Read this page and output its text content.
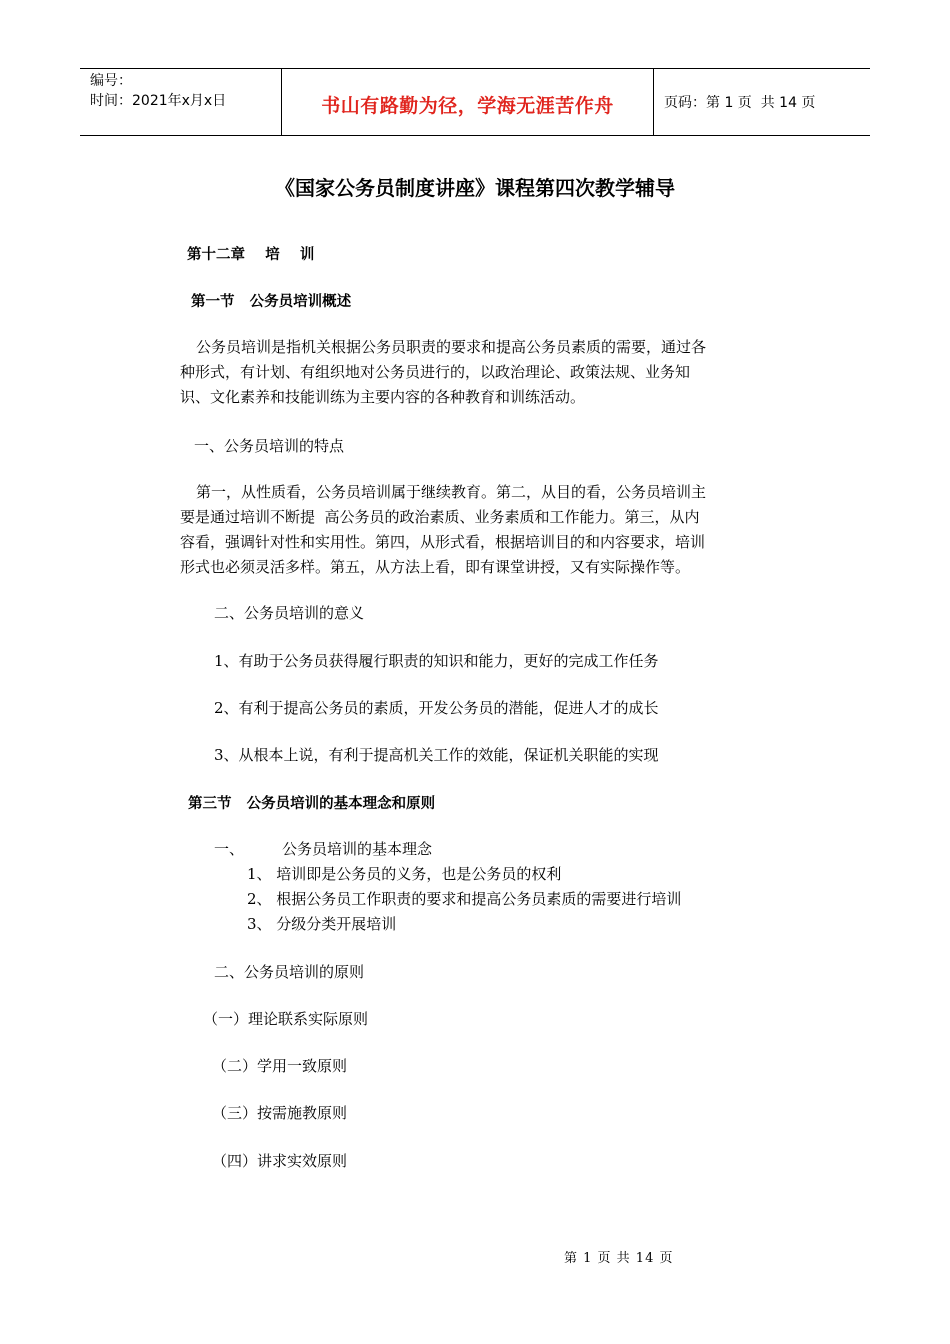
编号：
时间：2021年x月x日	书山有路勤为径，学海无涯苦作舟	页码：第 1 页  共 14 页
《国家公务员制度讲座》课程第四次教学辅导
第十二章    培    训
第一节   公务员培训概述
公务员培训是指机关根据公务员职责的要求和提高公务员素质的需要，通过各
种形式，有计划、有组织地对公务员进行的，以政治理论、政策法规、业务知
识、文化素养和技能训练为主要内容的各种教育和训练活动。
一、公务员培训的特点
第一，从性质看，公务员培训属于继续教育。第二，从目的看，公务员培训主
要是通过培训不断提  高公务员的政治素质、业务素质和工作能力。第三，从内
容看，强调针对性和实用性。第四，从形式看，根据培训目的和内容要求，培训
形式也必须灵活多样。第五，从方法上看，即有课堂讲授，又有实际操作等。
二、公务员培训的意义
1、有助于公务员获得履行职责的知识和能力，更好的完成工作任务
2、有利于提高公务员的素质，开发公务员的潜能，促进人才的成长
3、从根本上说，有利于提高机关工作的效能，保证机关职能的实现
第三节   公务员培训的基本理念和原则
一、	公务员培训的基本理念
1、 培训即是公务员的义务，也是公务员的权利
2、 根据公务员工作职责的要求和提高公务员素质的需要进行培训
3、 分级分类开展培训
二、公务员培训的原则
（一）理论联系实际原则
（二）学用一致原则
（三）按需施教原则
（四）讲求实效原则
第 1 页 共 14 页
